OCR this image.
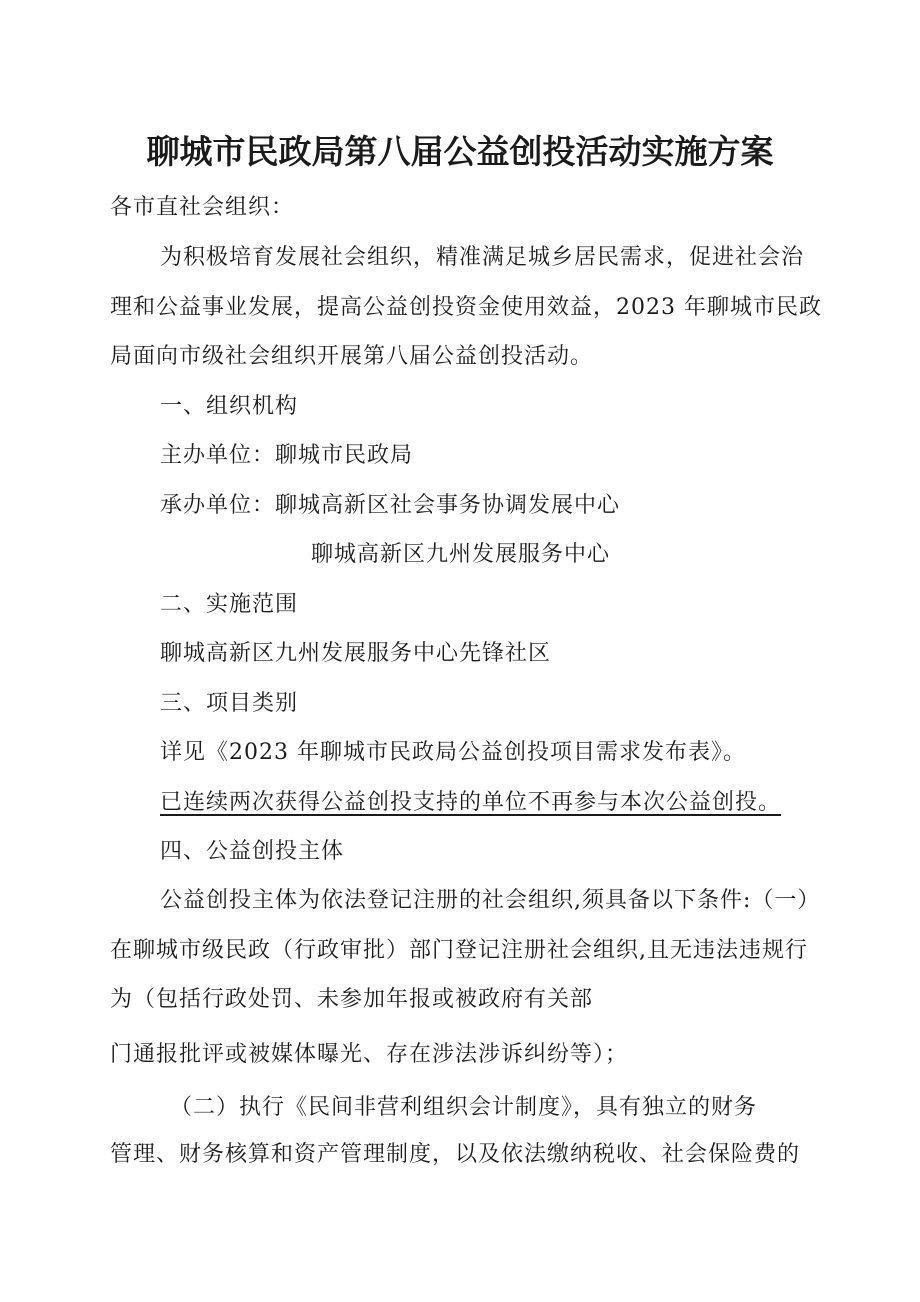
聊城市民政局第八届公益创投活动实施方案
各市直社会组织：
为积极培育发展社会组织，精准满足城乡居民需求，促进社会治
理和公益事业发展，提高公益创投资金使用效益，2023 年聊城市民政
局面向市级社会组织开展第八届公益创投活动。
一、组织机构
主办单位：聊城市民政局
承办单位：聊城高新区社会事务协调发展中心
聊城高新区九州发展服务中心
二、实施范围
聊城高新区九州发展服务中心先锋社区
三、项目类别
详见《2023 年聊城市民政局公益创投项目需求发布表》。
已连续两次获得公益创投支持的单位不再参与本次公益创投。
四、公益创投主体
公益创投主体为依法登记注册的社会组织,须具备以下条件:（一）
在聊城市级民政（行政审批）部门登记注册社会组织,且无违法违规行
为（包括行政处罚、未参加年报或被政府有关部
门通报批评或被媒体曝光、存在涉法涉诉纠纷等）；
（二）执行《民间非营利组织会计制度》，具有独立的财务
管理、财务核算和资产管理制度，以及依法缴纳税收、社会保险费的
